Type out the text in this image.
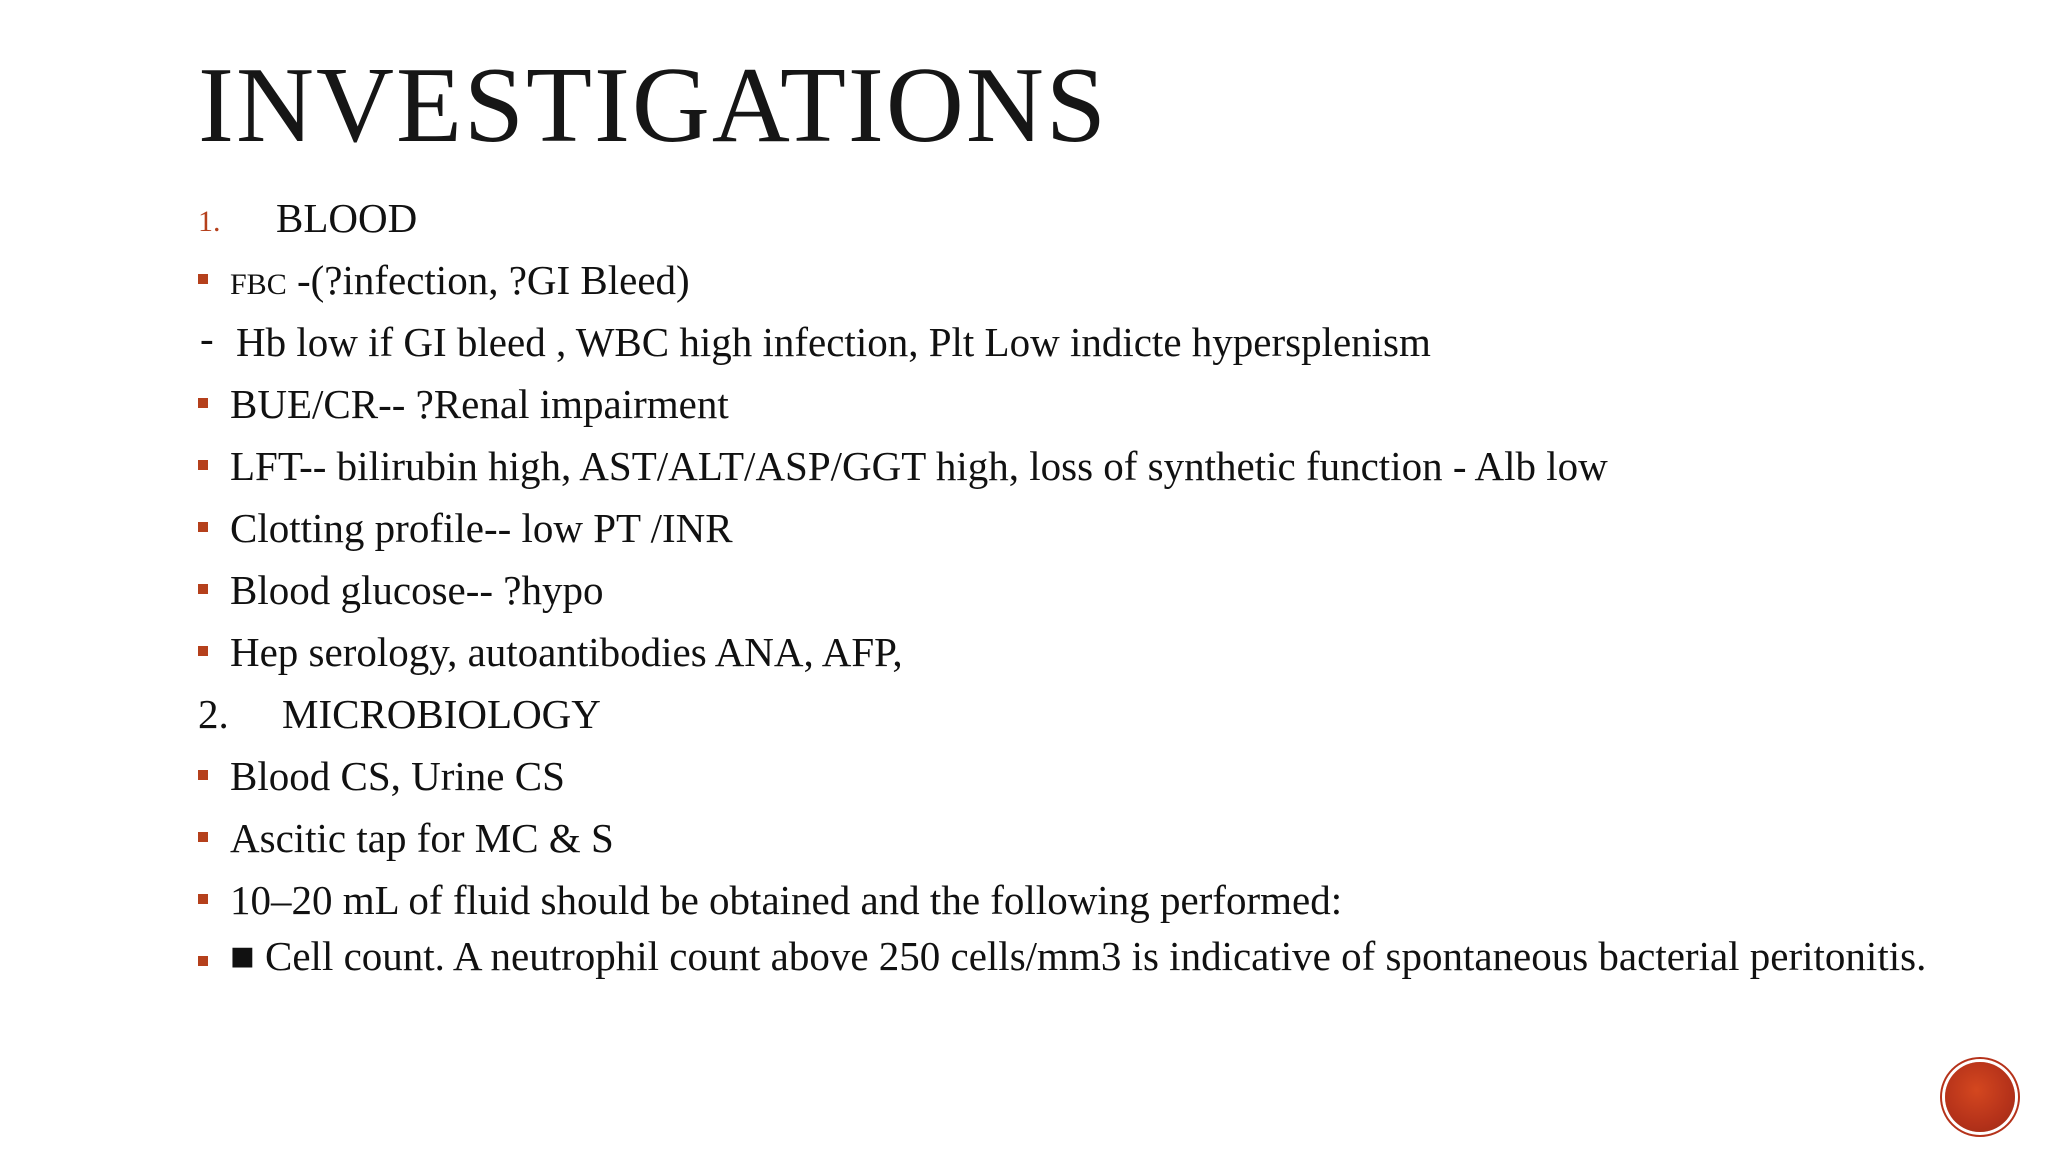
INVESTIGATIONS
1. BLOOD
FBC -(?infection, ?GI Bleed)
- Hb low if GI bleed , WBC high infection, Plt Low indicte hypersplenism
BUE/CR-- ?Renal impairment
LFT-- bilirubin high, AST/ALT/ASP/GGT high, loss of synthetic function - Alb low
Clotting profile-- low PT /INR
Blood glucose-- ?hypo
Hep serology, autoantibodies ANA, AFP,
2. MICROBIOLOGY
Blood CS, Urine CS
Ascitic tap for MC & S
10–20 mL of fluid should be obtained and the following performed:
■ Cell count. A neutrophil count above 250 cells/mm3 is indicative of spontaneous bacterial peritonitis.
